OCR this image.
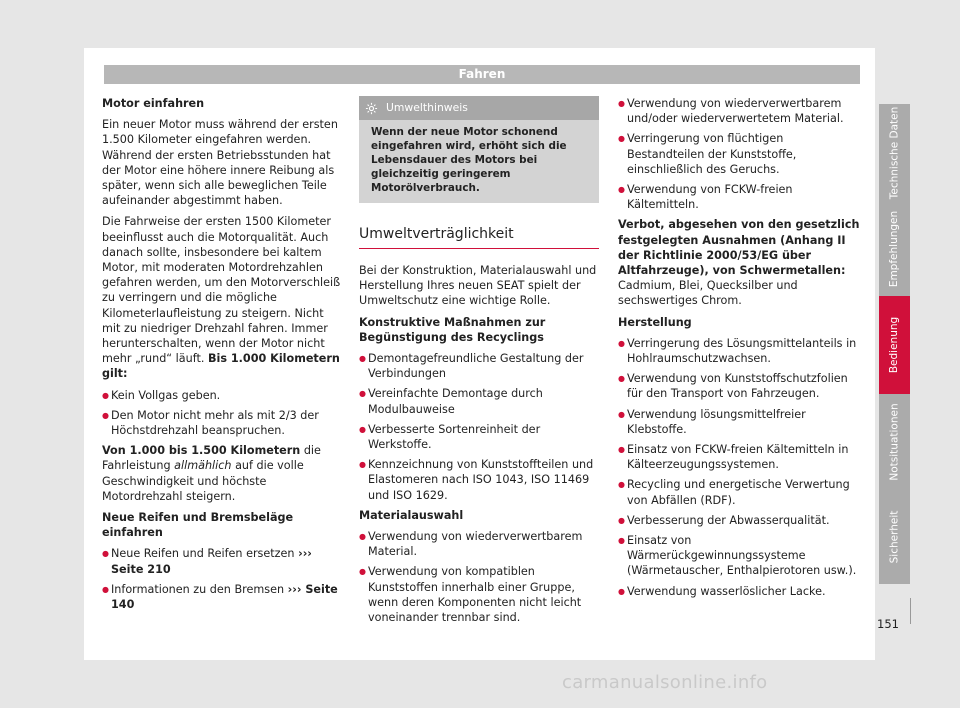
Fahren

Motor einfahren

Ein neuer Motor muss während der ersten 1.500 Kilometer eingefahren werden. Während der ersten Betriebsstunden hat der Motor eine höhere innere Reibung als später, wenn sich alle beweglichen Teile aufeinander abgestimmt haben.

Die Fahrweise der ersten 1500 Kilometer beeinflusst auch die Motorqualität. Auch danach sollte, insbesondere bei kaltem Motor, mit moderaten Motordrehzahlen gefahren werden, um den Motorverschleiß zu verringern und die mögliche Kilometerlaufleistung zu steigern. Nicht mit zu niedriger Drehzahl fahren. Immer herunterschalten, wenn der Motor nicht mehr „rund“ läuft. Bis 1.000 Kilometern gilt:

● Kein Vollgas geben.

● Den Motor nicht mehr als mit 2/3 der Höchstdrehzahl beanspruchen.

Von 1.000 bis 1.500 Kilometern die Fahrleistung allmählich auf die volle Geschwindigkeit und höchste Motordrehzahl steigern.

Neue Reifen und Bremsbeläge einfahren

● Neue Reifen und Reifen ersetzen ››› Seite 210

● Informationen zu den Bremsen ››› Seite 140

Umwelthinweis
Wenn der neue Motor schonend eingefahren wird, erhöht sich die Lebensdauer des Motors bei gleichzeitig geringerem Motorölverbrauch.
Umweltverträglichkeit

Bei der Konstruktion, Materialauswahl und Herstellung Ihres neuen SEAT spielt der Umweltschutz eine wichtige Rolle.

Konstruktive Maßnahmen zur Begünstigung des Recyclings

● Demontagefreundliche Gestaltung der Verbindungen

● Vereinfachte Demontage durch Modulbauweise

● Verbesserte Sortenreinheit der Werkstoffe.

● Kennzeichnung von Kunststoffteilen und Elastomeren nach ISO 1043, ISO 11469 und ISO 1629.

Materialauswahl

● Verwendung von wiederverwertbarem Material.

● Verwendung von kompatiblen Kunststoffen innerhalb einer Gruppe, wenn deren Komponenten nicht leicht voneinander trennbar sind.

● Verwendung von wiederverwertbarem und/oder wiederverwertetem Material.

● Verringerung von flüchtigen Bestandteilen der Kunststoffe, einschließlich des Geruchs.

● Verwendung von FCKW-freien Kältemitteln.

Verbot, abgesehen von den gesetzlich festgelegten Ausnahmen (Anhang II der Richtlinie 2000/53/EG über Altfahrzeuge), von Schwermetallen: Cadmium, Blei, Quecksilber und sechswertiges Chrom.

Herstellung

● Verringerung des Lösungsmittelanteils in Hohlraumschutzwachsen.

● Verwendung von Kunststoffschutzfolien für den Transport von Fahrzeugen.

● Verwendung lösungsmittelfreier Klebstoffe.

● Einsatz von FCKW-freien Kältemitteln in Kälteerzeugungssystemen.

● Recycling und energetische Verwertung von Abfällen (RDF).

● Verbesserung der Abwasserqualität.

● Einsatz von Wärmerückgewinnungssysteme (Wärmetauscher, Enthalpierotoren usw.).

● Verwendung wasserlöslicher Lacke.

Technische Daten
Empfehlungen
Bedienung
Notsituationen
Sicherheit
151
carmanualsonline.info
